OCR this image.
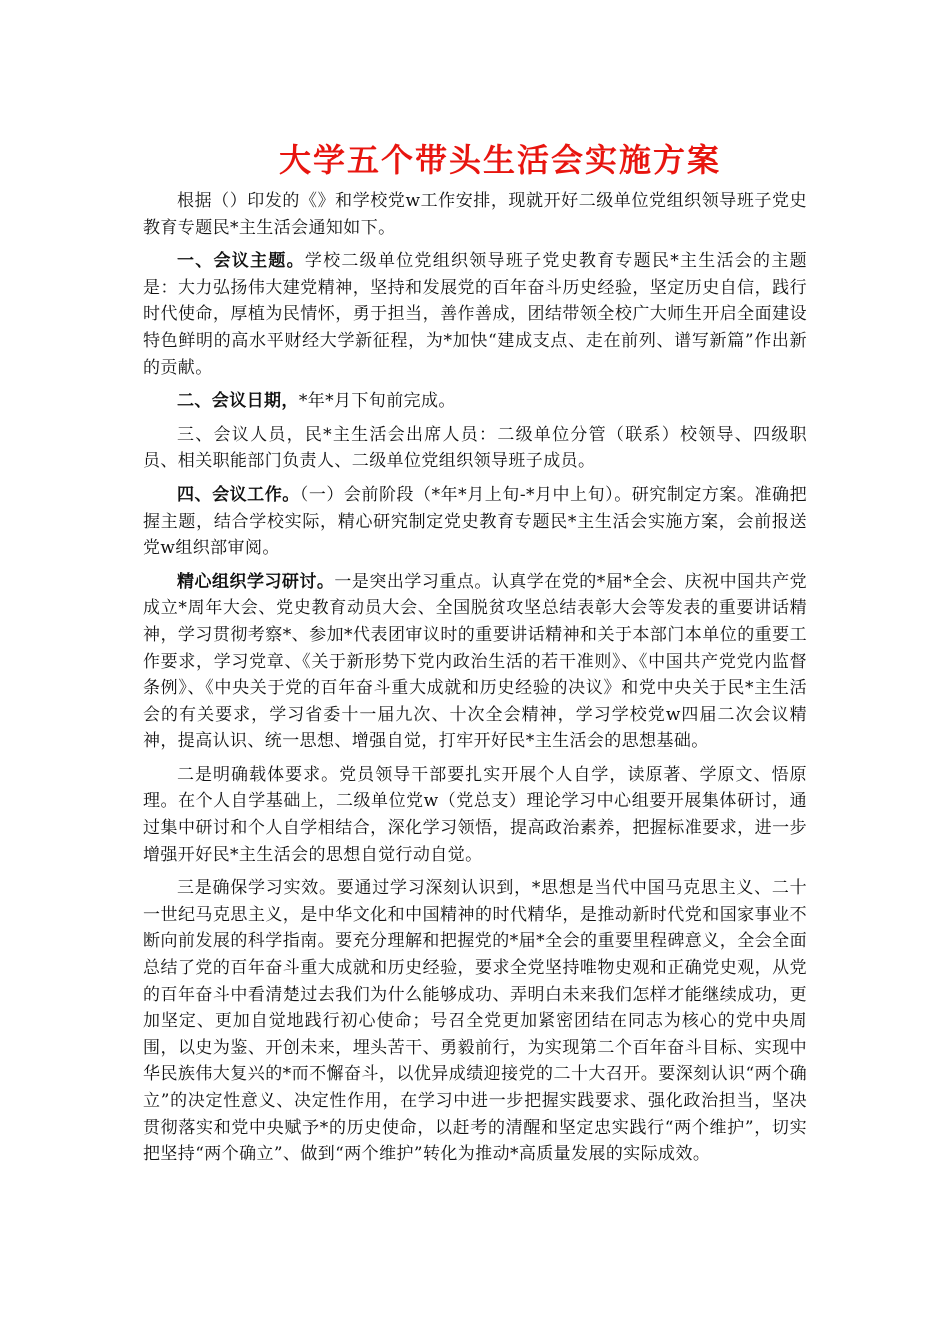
大学五个带头生活会实施方案

根据（）印发的《》和学校党w工作安排，现就开好二级单位党组织领导班子党史教育专题民*主生活会通知如下。

一、会议主题。学校二级单位党组织领导班子党史教育专题民*主生活会的主题是：大力弘扬伟大建党精神，坚持和发展党的百年奋斗历史经验，坚定历史自信，践行时代使命，厚植为民情怀，勇于担当，善作善成，团结带领全校广大师生开启全面建设特色鲜明的高水平财经大学新征程，为*加快“建成支点、走在前列、谱写新篇”作出新的贡献。

二、会议日期，*年*月下旬前完成。

三、会议人员，民*主生活会出席人员：二级单位分管（联系）校领导、四级职员、相关职能部门负责人、二级单位党组织领导班子成员。

四、会议工作。（一）会前阶段（*年*月上旬-*月中上旬）。研究制定方案。准确把握主题，结合学校实际，精心研究制定党史教育专题民*主生活会实施方案，会前报送党w组织部审阅。

精心组织学习研讨。一是突出学习重点。认真学在党的*届*全会、庆祝中国共产党成立*周年大会、党史教育动员大会、全国脱贫攻坚总结表彰大会等发表的重要讲话精神，学习贯彻考察*、参加*代表团审议时的重要讲话精神和关于本部门本单位的重要工作要求，学习党章、《关于新形势下党内政治生活的若干准则》、《中国共产党党内监督条例》、《中央关于党的百年奋斗重大成就和历史经验的决议》和党中央关于民*主生活会的有关要求，学习省委十一届九次、十次全会精神，学习学校党w四届二次会议精神，提高认识、统一思想、增强自觉，打牢开好民*主生活会的思想基础。

二是明确载体要求。党员领导干部要扎实开展个人自学，读原著、学原文、悟原理。在个人自学基础上，二级单位党w（党总支）理论学习中心组要开展集体研讨，通过集中研讨和个人自学相结合，深化学习领悟，提高政治素养，把握标准要求，进一步增强开好民*主生活会的思想自觉行动自觉。

三是确保学习实效。要通过学习深刻认识到，*思想是当代中国马克思主义、二十一世纪马克思主义，是中华文化和中国精神的时代精华，是推动新时代党和国家事业不断向前发展的科学指南。要充分理解和把握党的*届*全会的重要里程碑意义，全会全面总结了党的百年奋斗重大成就和历史经验，要求全党坚持唯物史观和正确党史观，从党的百年奋斗中看清楚过去我们为什么能够成功、弄明白未来我们怎样才能继续成功，更加坚定、更加自觉地践行初心使命；号召全党更加紧密团结在同志为核心的党中央周围，以史为鉴、开创未来，埋头苦干、勇毅前行，为实现第二个百年奋斗目标、实现中华民族伟大复兴的*而不懈奋斗，以优异成绩迎接党的二十大召开。要深刻认识“两个确立”的决定性意义、决定性作用，在学习中进一步把握实践要求、强化政治担当，坚决贯彻落实和党中央赋予*的历史使命，以赶考的清醒和坚定忠实践行“两个维护”，切实把坚持“两个确立”、做到“两个维护”转化为推动*高质量发展的实际成效。
